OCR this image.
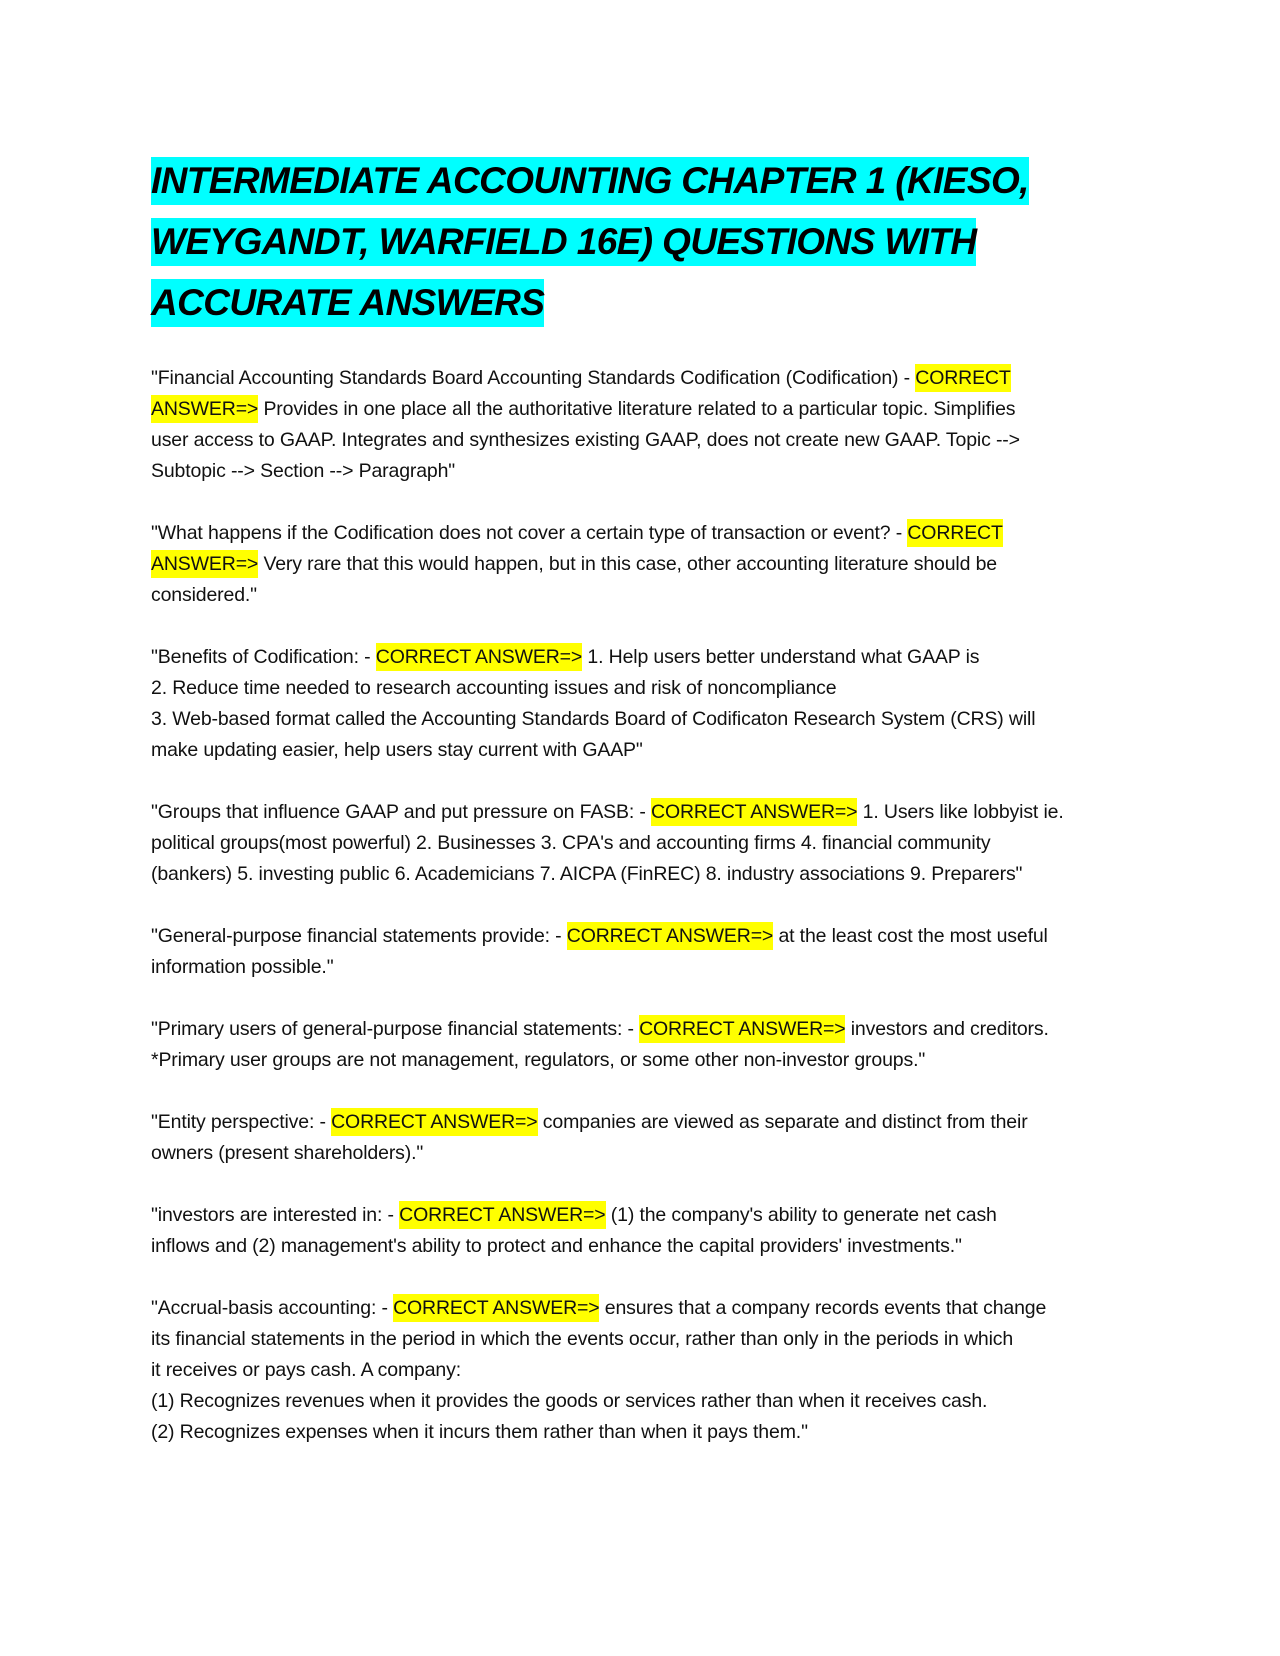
INTERMEDIATE ACCOUNTING CHAPTER 1 (KIESO,
WEYGANDT, WARFIELD 16E) QUESTIONS WITH
ACCURATE ANSWERS

"Financial Accounting Standards Board Accounting Standards Codification (Codification) - CORRECT
ANSWER=> Provides in one place all the authoritative literature related to a particular topic. Simplifies
user access to GAAP. Integrates and synthesizes existing GAAP, does not create new GAAP. Topic -->
Subtopic --> Section --> Paragraph"

"What happens if the Codification does not cover a certain type of transaction or event? - CORRECT
ANSWER=> Very rare that this would happen, but in this case, other accounting literature should be
considered."

"Benefits of Codification: - CORRECT ANSWER=> 1. Help users better understand what GAAP is
2. Reduce time needed to research accounting issues and risk of noncompliance
3. Web-based format called the Accounting Standards Board of Codificaton Research System (CRS) will
make updating easier, help users stay current with GAAP"

"Groups that influence GAAP and put pressure on FASB: - CORRECT ANSWER=> 1. Users like lobbyist ie.
political groups(most powerful) 2. Businesses 3. CPA's and accounting firms 4. financial community
(bankers) 5. investing public 6. Academicians 7. AICPA (FinREC) 8. industry associations 9. Preparers"

"General-purpose financial statements provide: - CORRECT ANSWER=> at the least cost the most useful
information possible."

"Primary users of general-purpose financial statements: - CORRECT ANSWER=> investors and creditors.
*Primary user groups are not management, regulators, or some other non-investor groups."

"Entity perspective: - CORRECT ANSWER=> companies are viewed as separate and distinct from their
owners (present shareholders)."

"investors are interested in: - CORRECT ANSWER=> (1) the company's ability to generate net cash
inflows and (2) management's ability to protect and enhance the capital providers' investments."

"Accrual-basis accounting: - CORRECT ANSWER=> ensures that a company records events that change
its financial statements in the period in which the events occur, rather than only in the periods in which
it receives or pays cash. A company:
(1) Recognizes revenues when it provides the goods or services rather than when it receives cash.
(2) Recognizes expenses when it incurs them rather than when it pays them."
